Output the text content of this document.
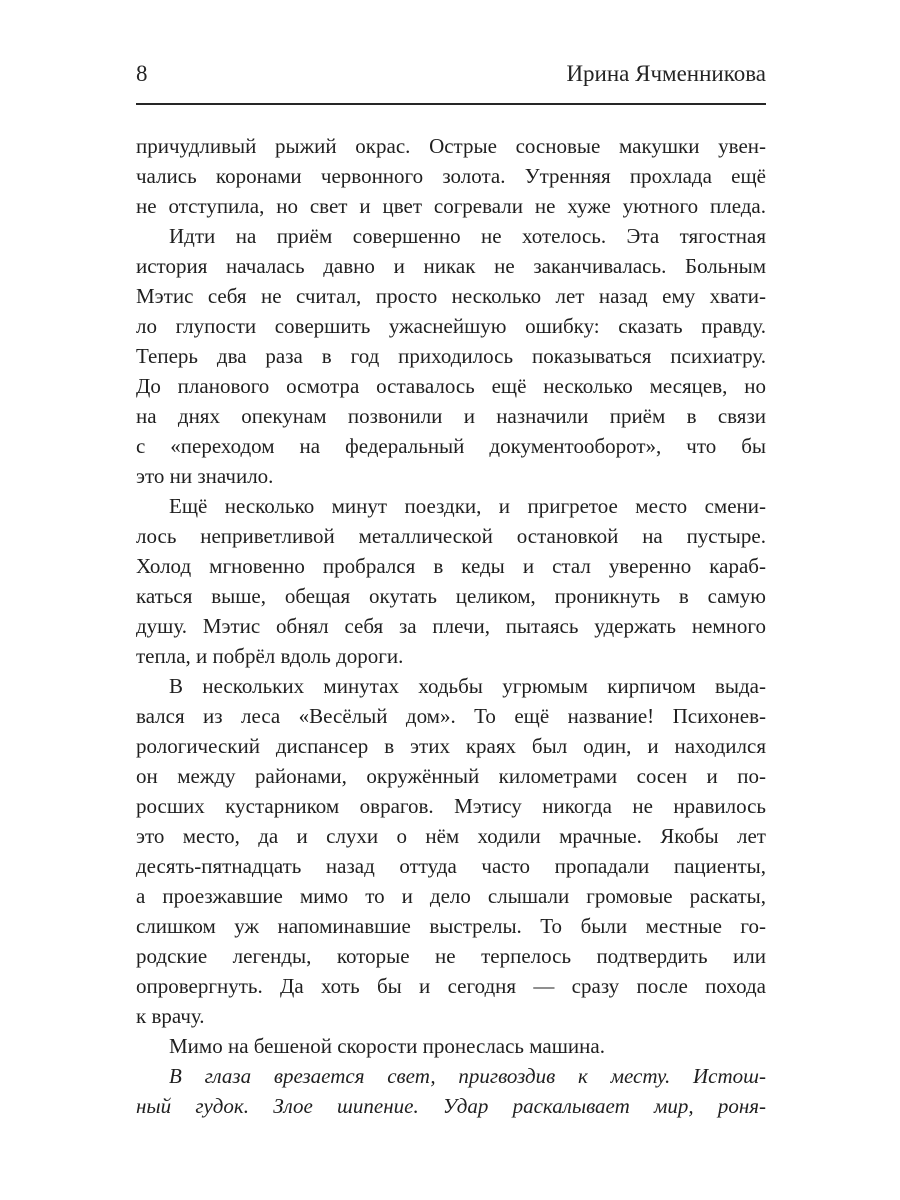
8	Ирина Ячменникова
причудливый рыжий окрас. Острые сосновые макушки увен-
чались коронами червонного золота. Утренняя прохлада ещё
не отступила, но свет и цвет согревали не хуже уютного пледа.
Идти на приём совершенно не хотелось. Эта тягостная
история началась давно и никак не заканчивалась. Больным
Мэтис себя не считал, просто несколько лет назад ему хвати-
ло глупости совершить ужаснейшую ошибку: сказать правду.
Теперь два раза в год приходилось показываться психиатру.
До планового осмотра оставалось ещё несколько месяцев, но
на днях опекунам позвонили и назначили приём в связи
с «переходом на федеральный документооборот», что бы
это ни значило.
Ещё несколько минут поездки, и пригретое место смени-
лось неприветливой металлической остановкой на пустыре.
Холод мгновенно пробрался в кеды и стал уверенно караб-
каться выше, обещая окутать целиком, проникнуть в самую
душу. Мэтис обнял себя за плечи, пытаясь удержать немного
тепла, и побрёл вдоль дороги.
В нескольких минутах ходьбы угрюмым кирпичом выда-
вался из леса «Весёлый дом». То ещё название! Психонев-
рологический диспансер в этих краях был один, и находился
он между районами, окружённый километрами сосен и по-
росших кустарником оврагов. Мэтису никогда не нравилось
это место, да и слухи о нём ходили мрачные. Якобы лет
десять-пятнадцать назад оттуда часто пропадали пациенты,
а проезжавшие мимо то и дело слышали громовые раскаты,
слишком уж напоминавшие выстрелы. То были местные го-
родские легенды, которые не терпелось подтвердить или
опровергнуть. Да хоть бы и сегодня — сразу после похода
к врачу.
Мимо на бешеной скорости пронеслась машина.
В глаза врезается свет, пригвоздив к месту. Истош-
ный гудок. Злое шипение. Удар раскалывает мир, роня-
